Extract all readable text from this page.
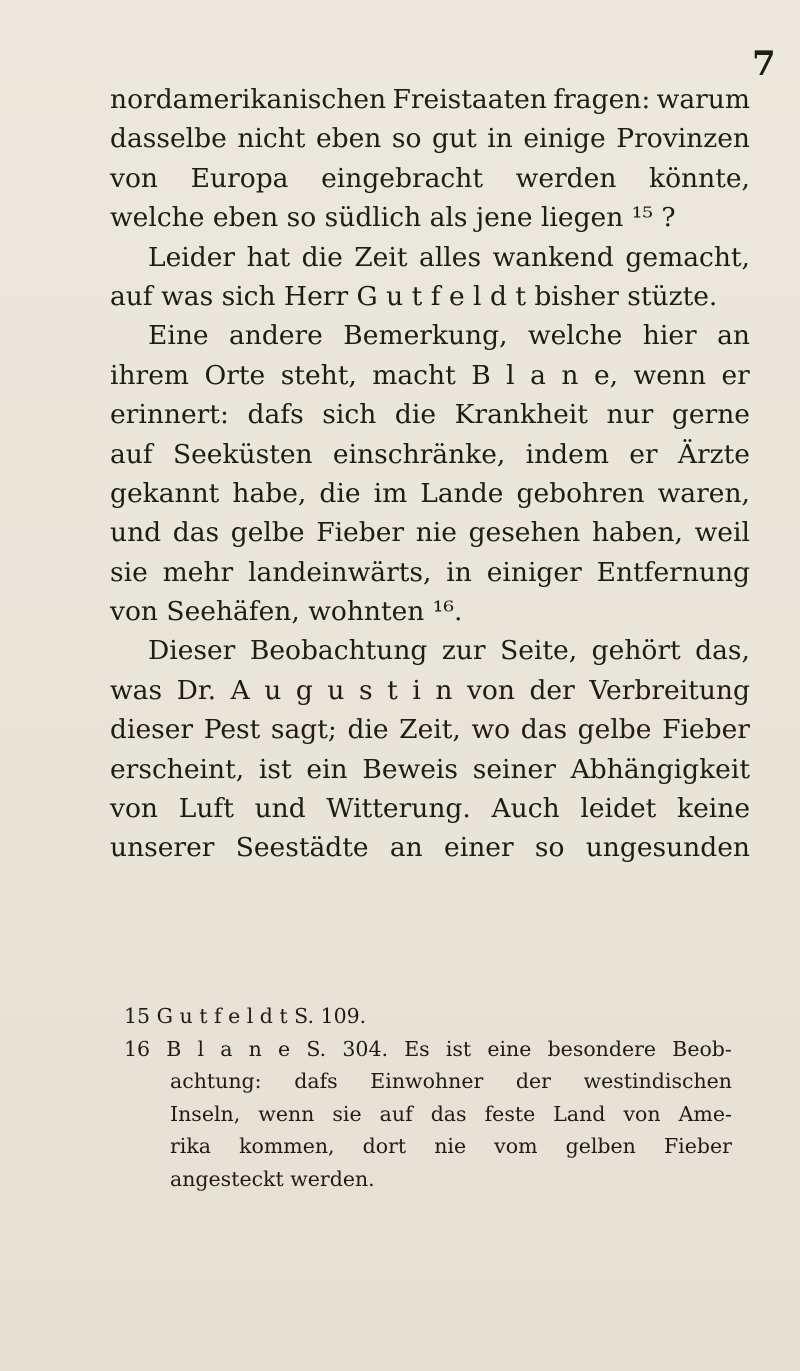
7
nordamerikanischen Freistaaten fragen: warum
dasselbe nicht eben so gut in einige Provinzen
von Europa eingebracht werden könnte,
welche eben so südlich als jene liegen ¹⁵ ?
Leider hat die Zeit alles wankend gemacht,
auf was sich Herr G u t f e l d t bisher stüzte.
Eine andere Bemerkung, welche hier an
ihrem Orte steht, macht B l a n e, wenn er
erinnert: dafs sich die Krankheit nur gerne
auf Seeküsten einschränke, indem er Ärzte
gekannt habe, die im Lande gebohren waren,
und das gelbe Fieber nie gesehen haben, weil
sie mehr landeinwärts, in einiger Entfernung
von Seehäfen, wohnten ¹⁶.
Dieser Beobachtung zur Seite, gehört das,
was Dr. A u g u s t i n von der Verbreitung
dieser Pest sagt; die Zeit, wo das gelbe Fieber
erscheint, ist ein Beweis seiner Abhängigkeit
von Luft und Witterung. Auch leidet keine
unserer Seestädte an einer so ungesunden
15 G u t f e l d t S. 109.
16 B l a n e S. 304. Es ist eine besondere Beob-
achtung: dafs Einwohner der westindischen
Inseln, wenn sie auf das feste Land von Ame-
rika kommen, dort nie vom gelben Fieber
angesteckt werden.
